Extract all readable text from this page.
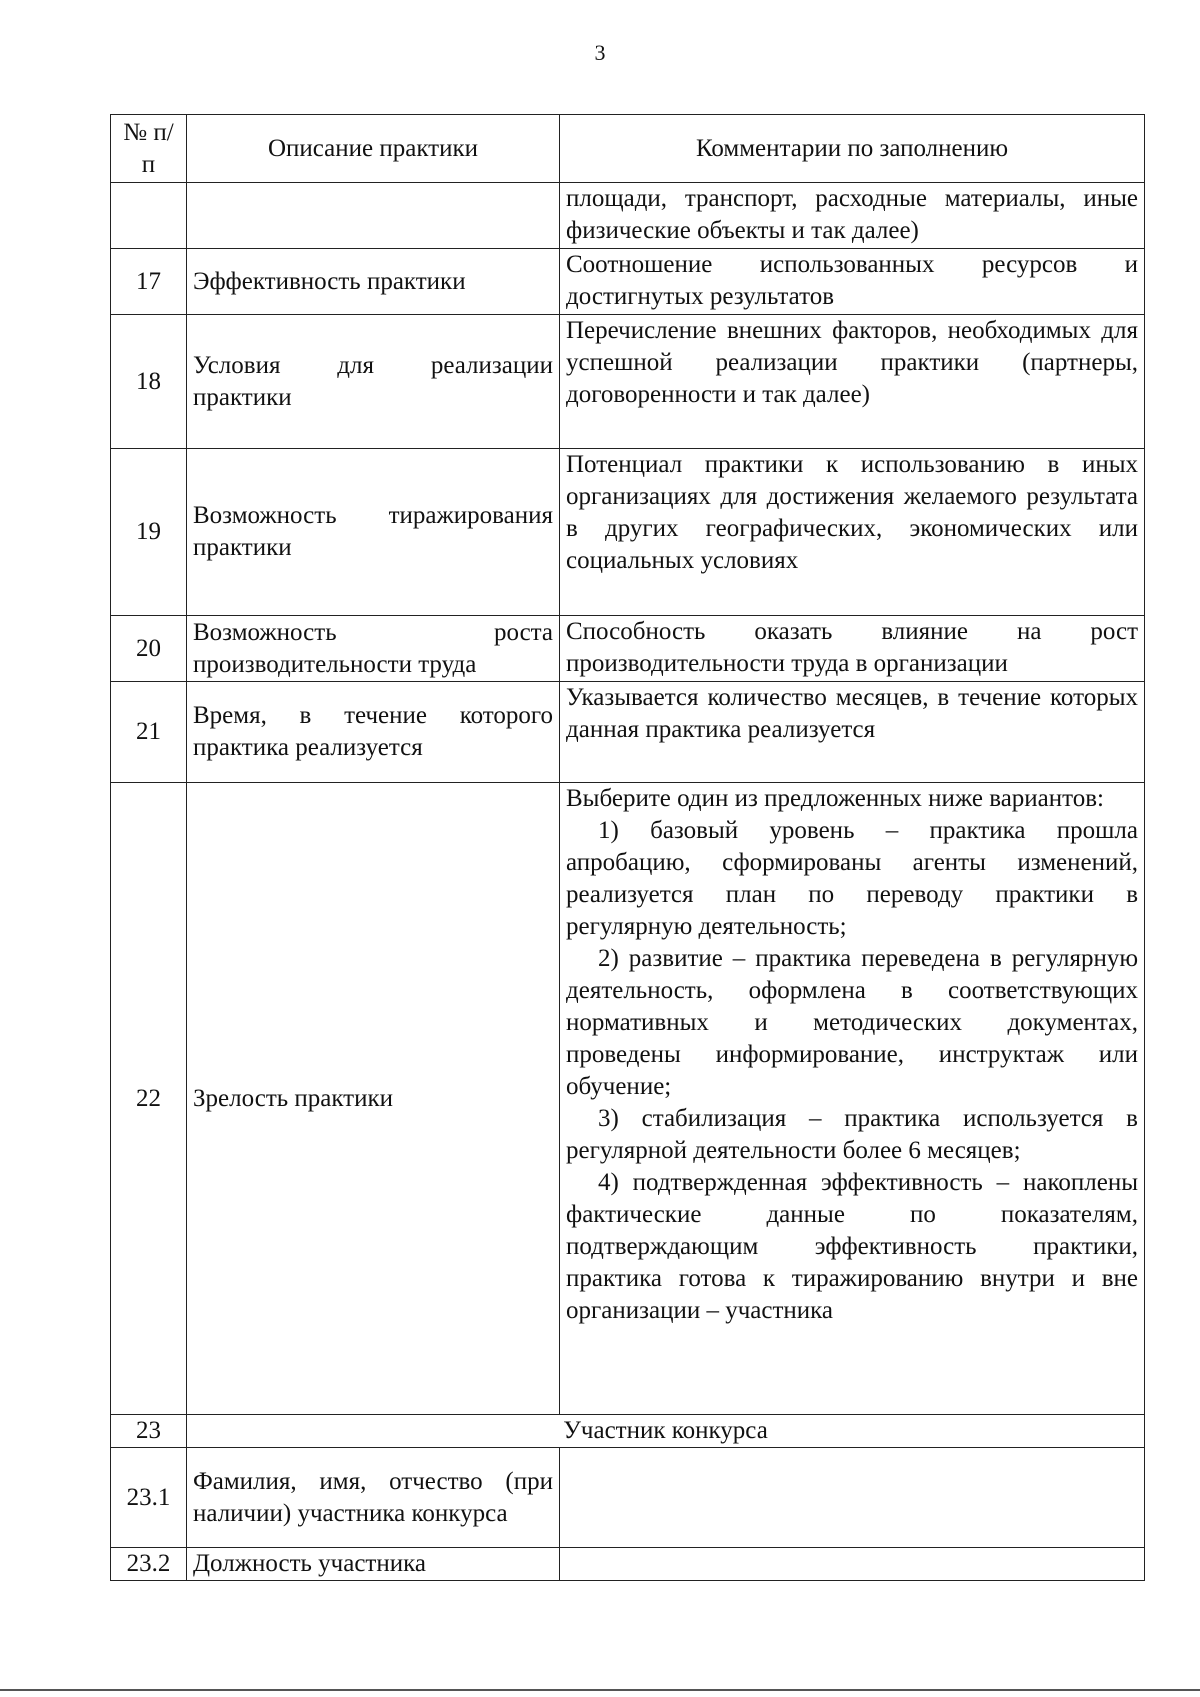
3
№ п/п	Описание практики	Комментарии по заполнению
		площади, транспорт, расходные материалы, иные физические объекты и так далее)
17	Эффективность практики	Соотношение использованных ресурсов и достигнутых результатов
18	Условия для реализации практики	Перечисление внешних факторов, необходимых для успешной реализации практики (партнеры, договоренности и так далее)
19	Возможность тиражирования практики	Потенциал практики к использованию в иных организациях для достижения желаемого результата в других географических, экономических или социальных условиях
20	Возможность роста производительности труда	Способность оказать влияние на рост производительности труда в организации
21	Время, в течение которого практика реализуется	Указывается количество месяцев, в течение которых данная практика реализуется
22	Зрелость практики	Выберите один из предложенных ниже вариантов:
1) базовый уровень – практика прошла апробацию, сформированы агенты изменений, реализуется план по переводу практики в регулярную деятельность;
2) развитие – практика переведена в регулярную деятельность, оформлена в соответствующих нормативных и методических документах, проведены информирование, инструктаж или обучение;
3) стабилизация – практика используется в регулярной деятельности более 6 месяцев;
4) подтвержденная эффективность – накоплены фактические данные по показателям, подтверждающим эффективность практики, практика готова к тиражированию внутри и вне организации – участника

23	Участник конкурса	
23.1	Фамилия, имя, отчество (при наличии) участника конкурса	
23.2	Должность участника	
